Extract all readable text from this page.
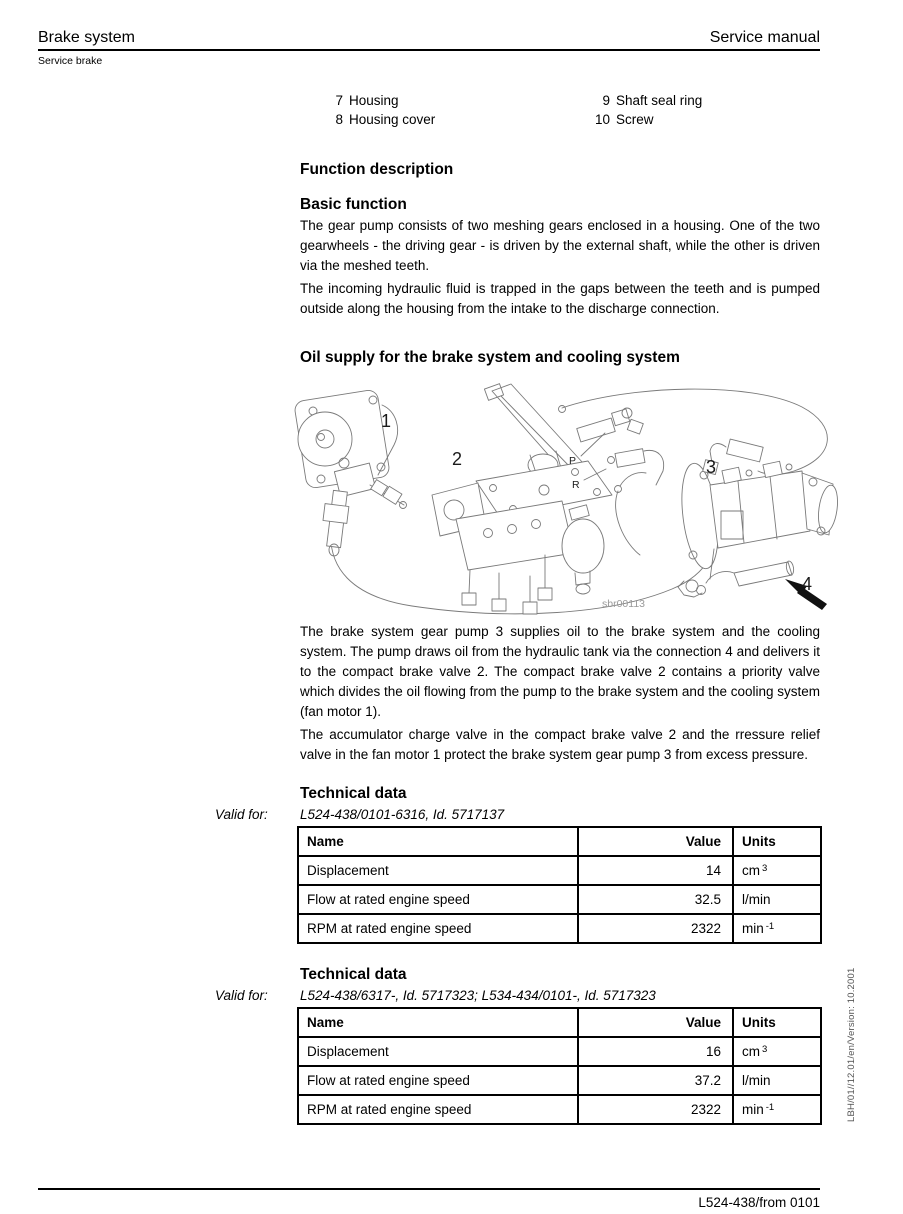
Brake system	Service manual
Service brake
7 Housing	9 Shaft seal ring
8 Housing cover	10 Screw
Function description
Basic function

The gear pump consists of two meshing gears enclosed in a housing. One of the two gearwheels - the driving gear - is driven by the external shaft, while the other is driven via the meshed teeth.

The incoming hydraulic fluid is trapped in the gaps between the teeth and is pumped outside along the housing from the intake to the discharge connection.

Oil supply for the brake system and cooling system
1
2	3
4
P
R
sbr00113

The brake system gear pump 3 supplies oil to the brake system and the cooling system. The pump draws oil from the hydraulic tank via the connection 4 and delivers it to the compact brake valve 2. The compact brake valve 2 contains a priority valve which divides the oil flowing from the pump to the brake system and the cooling system (fan motor 1).

The accumulator charge valve in the compact brake valve 2 and the rressure relief valve in the fan motor 1 protect the brake system gear pump 3 from excess pressure.

Technical data
Valid for: L524-438/0101-6316, Id. 5717137
Name	Value	Units
Displacement	14	cm $^3$
Flow at rated engine speed	32.5	l/min
RPM at rated engine speed	2322	min $^{-1}$
Technical data
Valid for: L524-438/6317-, Id. 5717323; L534-434/0101-, Id. 5717323
Name	Value	Units
Displacement	16	cm $^3$
Flow at rated engine speed	37.2	l/min
RPM at rated engine speed	2322	min $^{-1}$	LBH/01//12.01/en/Version: 10.2001
L524-438/from 0101
